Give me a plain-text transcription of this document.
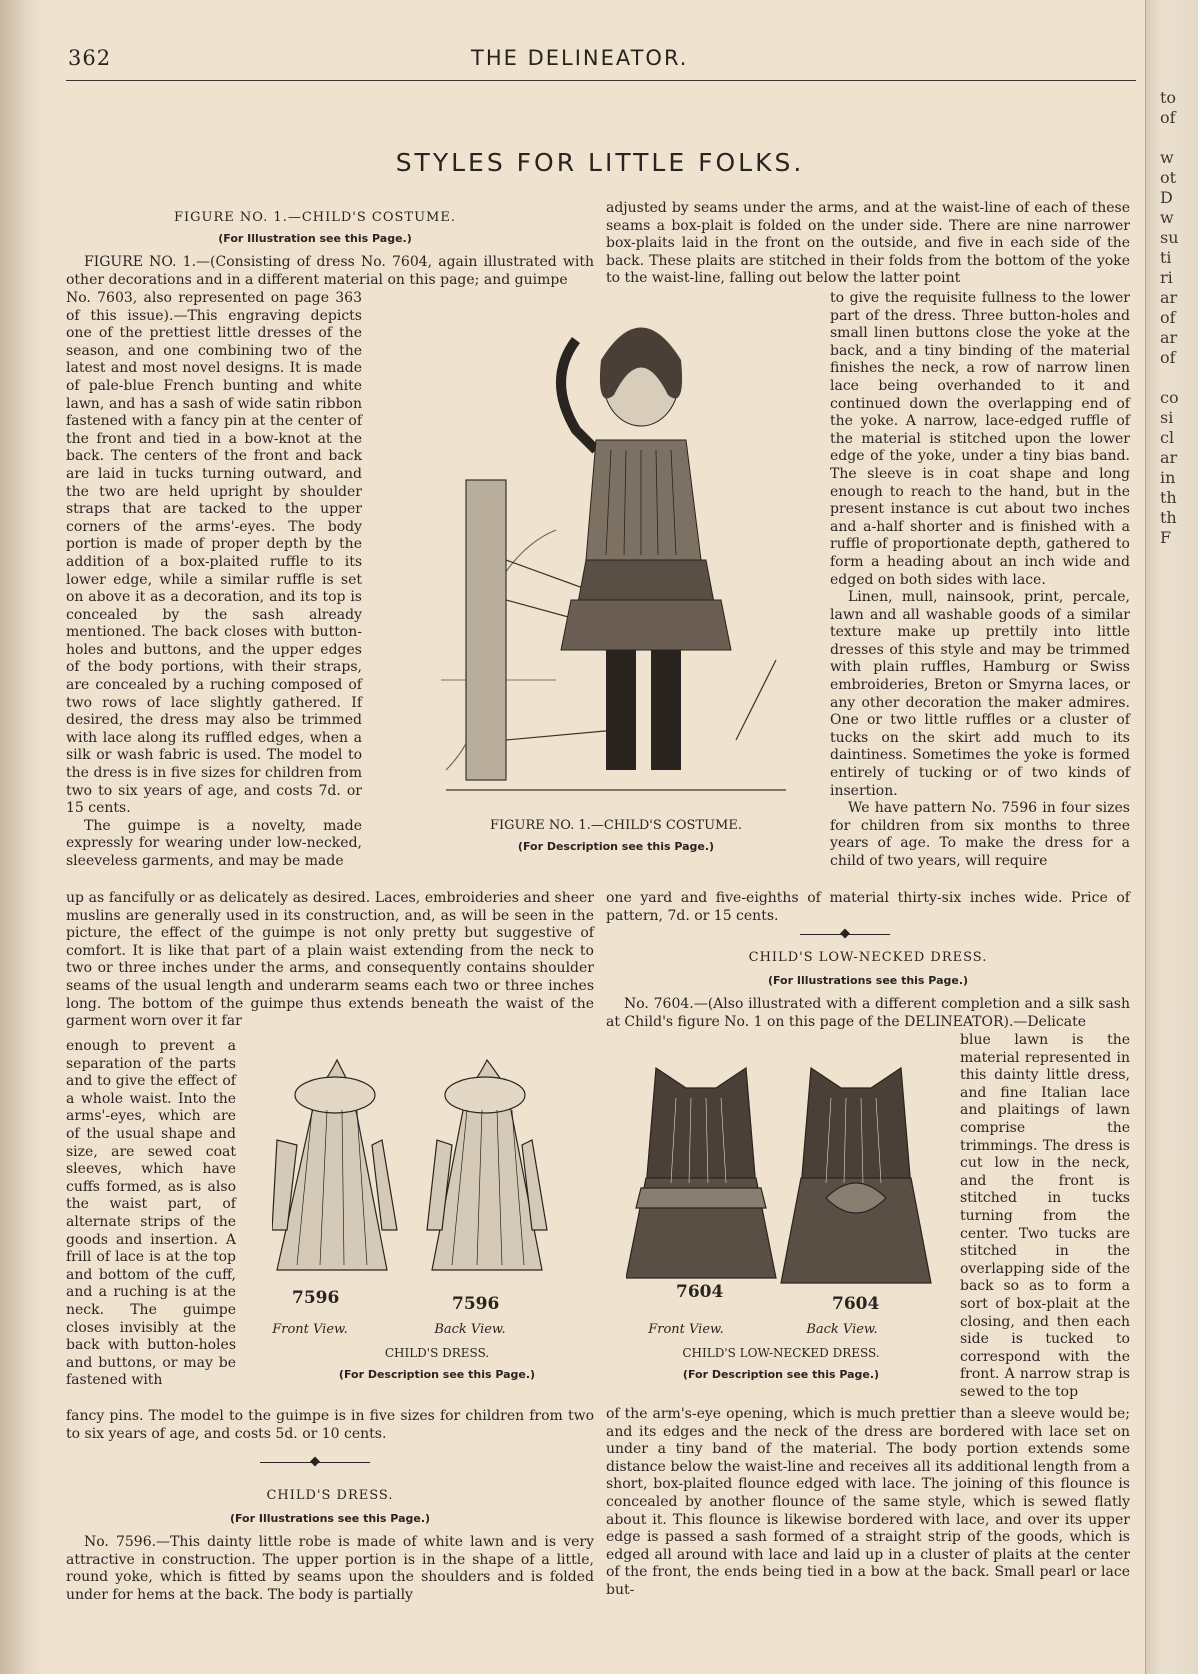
to
of
w
ot
D
w
su
ti
ri
ar
of
ar
of
co
si
cl
ar
in
th
th
F
362	THE DELINEATOR.
STYLES FOR LITTLE FOLKS.
FIGURE NO. 1.—CHILD'S COSTUME.
(For Illustration see this Page.)

FIGURE NO. 1.—(Consisting of dress No. 7604, again illustrated with other decorations and in a different material on this page; and guimpe

No. 7603, also represented on page 363 of this issue).—This engraving depicts one of the prettiest little dresses of the season, and one combining two of the latest and most novel designs. It is made of pale-blue French bunting and white lawn, and has a sash of wide satin ribbon fastened with a fancy pin at the center of the front and tied in a bow-knot at the back. The centers of the front and back are laid in tucks turning outward, and the two are held upright by shoulder straps that are tacked to the upper corners of the arms'-eyes. The body portion is made of proper depth by the addition of a box-plaited ruffle to its lower edge, while a similar ruffle is set on above it as a decoration, and its top is concealed by the sash already mentioned. The back closes with button-holes and buttons, and the upper edges of the body portions, with their straps, are concealed by a ruching composed of two rows of lace slightly gathered. If desired, the dress may also be trimmed with lace along its ruffled edges, when a silk or wash fabric is used. The model to the dress is in five sizes for children from two to six years of age, and costs 7d. or 15 cents.

The guimpe is a novelty, made expressly for wearing under low-necked, sleeveless garments, and may be made

up as fancifully or as delicately as desired. Laces, embroideries and sheer muslins are generally used in its construction, and, as will be seen in the picture, the effect of the guimpe is not only pretty but suggestive of comfort. It is like that part of a plain waist extending from the neck to two or three inches under the arms, and consequently contains shoulder seams of the usual length and underarm seams each two or three inches long. The bottom of the guimpe thus extends beneath the waist of the garment worn over it far

enough to prevent a separation of the parts and to give the effect of a whole waist. Into the arms'-eyes, which are of the usual shape and size, are sewed coat sleeves, which have cuffs formed, as is also the waist part, of alternate strips of the goods and insertion. A frill of lace is at the top and bottom of the cuff, and a ruching is at the neck. The guimpe closes invisibly at the back with button-holes and buttons, or may be fastened with

fancy pins. The model to the guimpe is in five sizes for children from two to six years of age, and costs 5d. or 10 cents.

FIGURE NO. 1.—CHILD'S COSTUME.
(For Description see this Page.)

adjusted by seams under the arms, and at the waist-line of each of these seams a box-plait is folded on the under side. There are nine narrower box-plaits laid in the front on the outside, and five in each side of the back. These plaits are stitched in their folds from the bottom of the yoke to the waist-line, falling out below the latter point

to give the requisite fullness to the lower part of the dress. Three button-holes and small linen buttons close the yoke at the back, and a tiny binding of the material finishes the neck, a row of narrow linen lace being overhanded to it and continued down the overlapping end of the yoke. A narrow, lace-edged ruffle of the material is stitched upon the lower edge of the yoke, under a tiny bias band. The sleeve is in coat shape and long enough to reach to the hand, but in the present instance is cut about two inches and a-half shorter and is finished with a ruffle of proportionate depth, gathered to form a heading about an inch wide and edged on both sides with lace.

Linen, mull, nainsook, print, percale, lawn and all washable goods of a similar texture make up prettily into little dresses of this style and may be trimmed with plain ruffles, Hamburg or Swiss embroideries, Breton or Smyrna laces, or any other decoration the maker admires. One or two little ruffles or a cluster of tucks on the skirt add much to its daintiness. Sometimes the yoke is formed entirely of tucking or of two kinds of insertion.

We have pattern No. 7596 in four sizes for children from six months to three years of age. To make the dress for a child of two years, will require

one yard and five-eighths of material thirty-six inches wide. Price of pattern, 7d. or 15 cents.

CHILD'S LOW-NECKED DRESS.
(For Illustrations see this Page.)

No. 7604.—(Also illustrated with a different completion and a silk sash at Child's figure No. 1 on this page of the DELINEATOR).—Delicate

blue lawn is the material represented in this dainty little dress, and fine Italian lace and plaitings of lawn comprise the trimmings. The dress is cut low in the neck, and the front is stitched in tucks turning from the center. Two tucks are stitched in the overlapping side of the back so as to form a sort of box-plait at the closing, and then each side is tucked to correspond with the front. A narrow strap is sewed to the top

of the arm's-eye opening, which is much prettier than a sleeve would be; and its edges and the neck of the dress are bordered with lace set on under a tiny band of the material. The body portion extends some distance below the waist-line and receives all its additional length from a short, box-plaited flounce edged with lace. The joining of this flounce is concealed by another flounce of the same style, which is sewed flatly about it. This flounce is likewise bordered with lace, and over its upper edge is passed a sash formed of a straight strip of the goods, which is edged all around with lace and laid up in a cluster of plaits at the center of the front, the ends being tied in a bow at the back. Small pearl or lace but-

7596	7596
Front View.	Back View.
CHILD'S DRESS.
(For Description see this Page.)
7604
7604
Front View.	Back View.
CHILD'S LOW-NECKED DRESS.
(For Description see this Page.)
CHILD'S DRESS.
(For Illustrations see this Page.)

No. 7596.—This dainty little robe is made of white lawn and is very attractive in construction. The upper portion is in the shape of a little, round yoke, which is fitted by seams upon the shoulders and is folded under for hems at the back. The body is partially
